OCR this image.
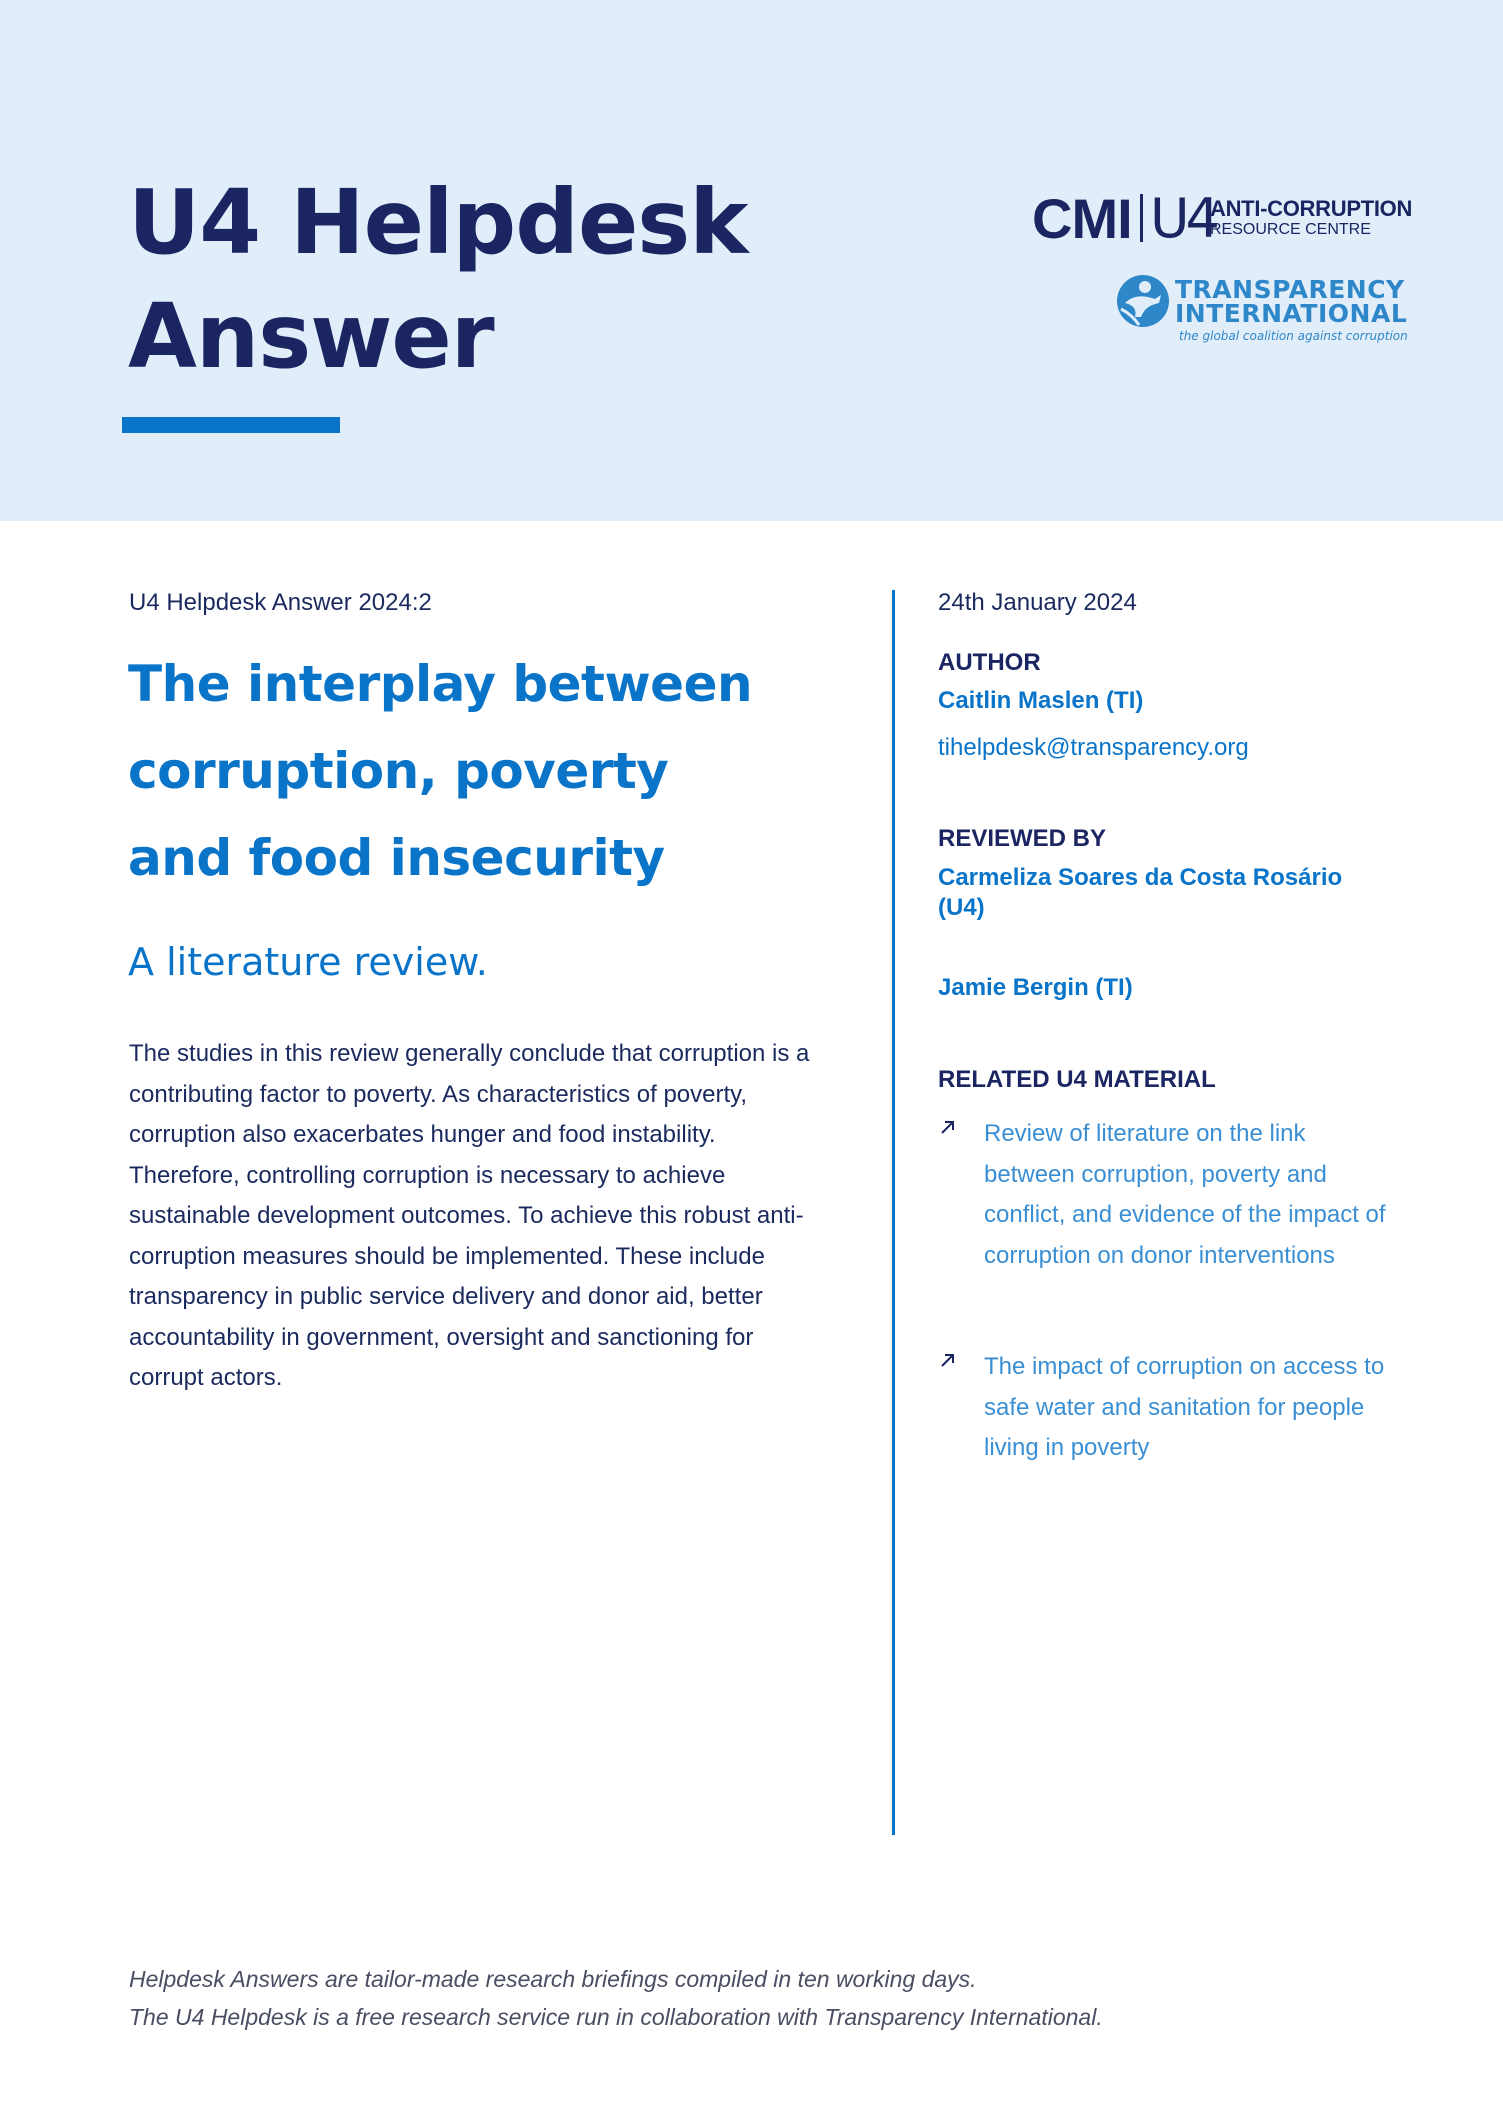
U4 Helpdesk
Answer
CMI U4
ANTI-CORRUPTION
RESOURCE CENTRE
TRANSPARENCY
INTERNATIONAL
the global coalition against corruption
U4 Helpdesk Answer 2024:2
The interplay between corruption, poverty and food insecurity
A literature review.

The studies in this review generally conclude that corruption is a contributing factor to poverty. As characteristics of poverty, corruption also exacerbates hunger and food instability. Therefore, controlling corruption is necessary to achieve sustainable development outcomes. To achieve this robust anti-corruption measures should be implemented. These include transparency in public service delivery and donor aid, better accountability in government, oversight and sanctioning for corrupt actors.

24th January 2024
AUTHOR
Caitlin Maslen (TI)
tihelpdesk@transparency.org
REVIEWED BY
Carmeliza Soares da Costa Rosário (U4)
Jamie Bergin (TI)
RELATED U4 MATERIAL
Review of literature on the link between corruption, poverty and conflict, and evidence of the impact of corruption on donor interventions
The impact of corruption on access to safe water and sanitation for people living in poverty
Helpdesk Answers are tailor-made research briefings compiled in ten working days.
The U4 Helpdesk is a free research service run in collaboration with Transparency International.
